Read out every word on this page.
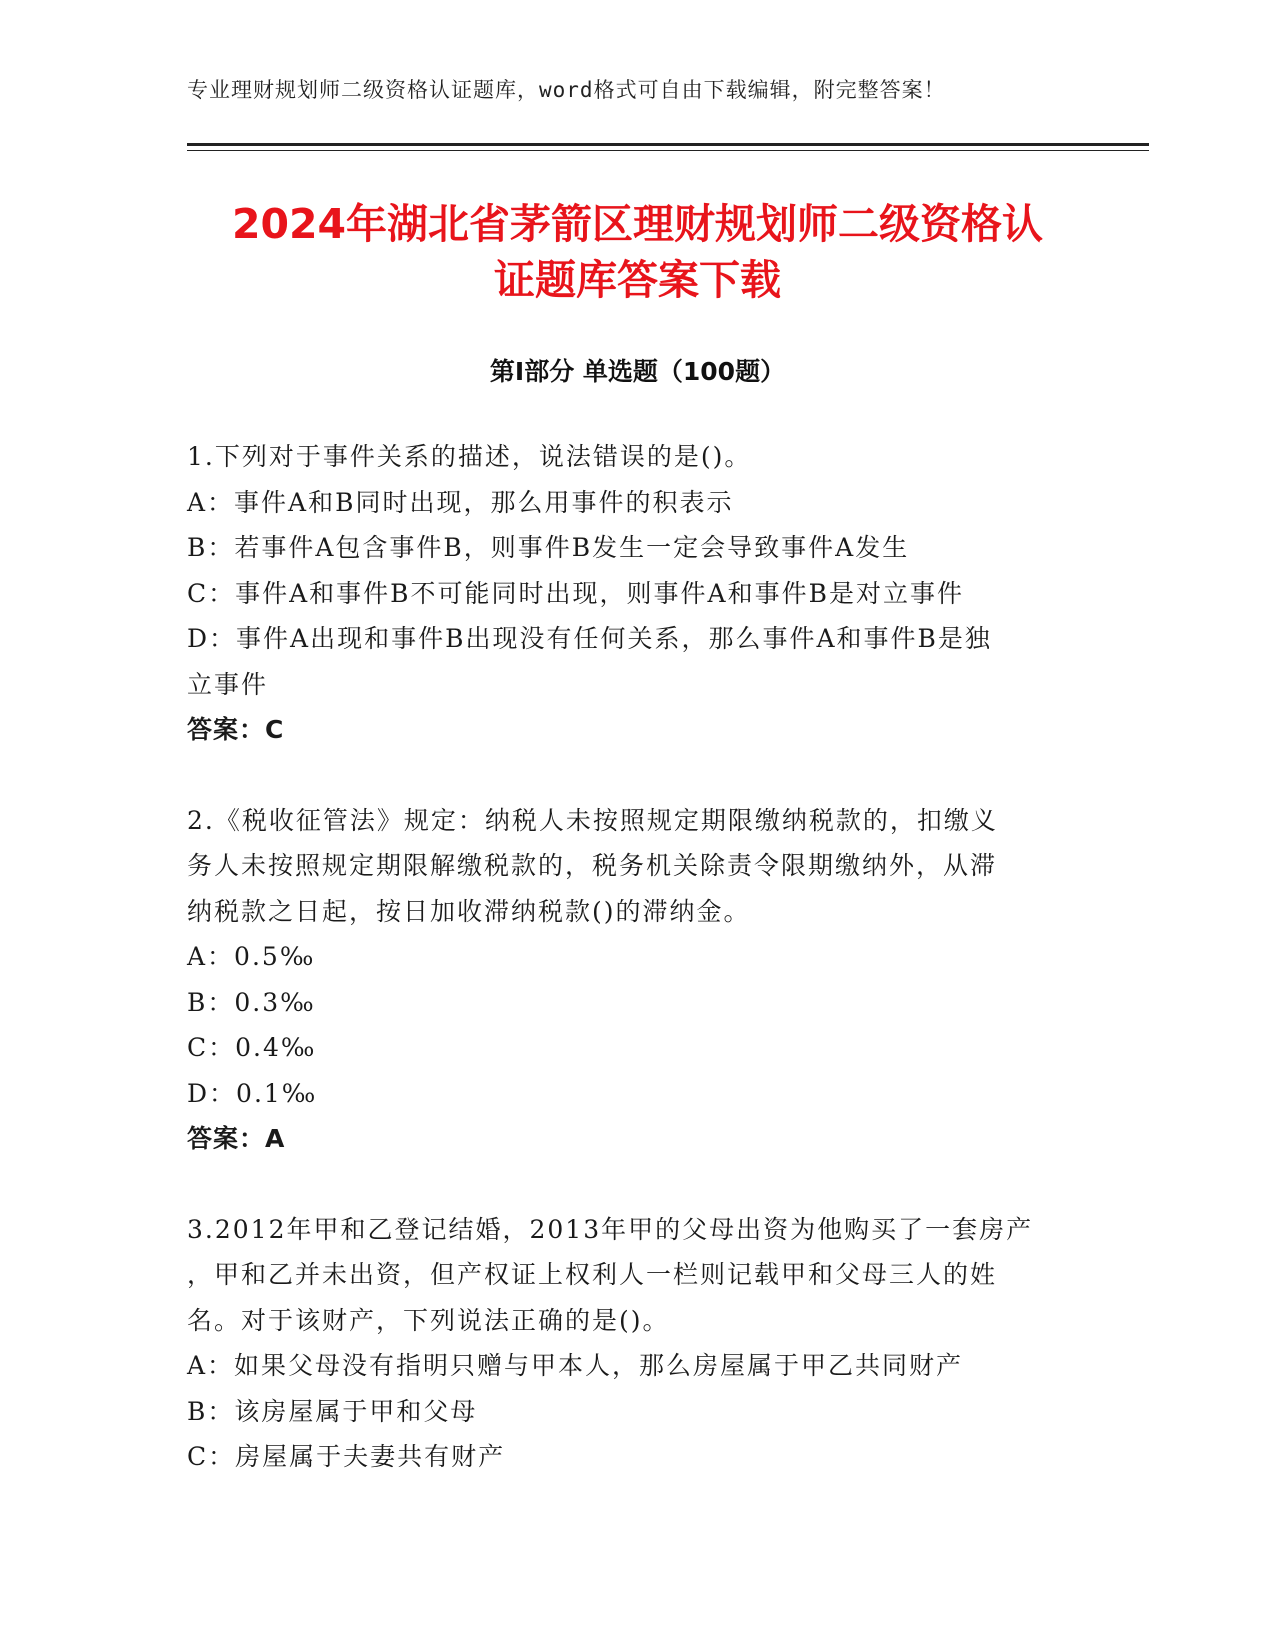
专业理财规划师二级资格认证题库，word格式可自由下载编辑，附完整答案！
2024年湖北省茅箭区理财规划师二级资格认
证题库答案下载
第Ⅰ部分 单选题（100题）

1.下列对于事件关系的描述，说法错误的是()。

A：事件A和B同时出现，那么用事件的积表示

B：若事件A包含事件B，则事件B发生一定会导致事件A发生

C：事件A和事件B不可能同时出现，则事件A和事件B是对立事件

D：事件A出现和事件B出现没有任何关系，那么事件A和事件B是独

立事件

答案：C

2.《税收征管法》规定：纳税人未按照规定期限缴纳税款的，扣缴义

务人未按照规定期限解缴税款的，税务机关除责令限期缴纳外，从滞

纳税款之日起，按日加收滞纳税款()的滞纳金。

A：0.5‰

B：0.3‰

C：0.4‰

D：0.1‰

答案：A

3.2012年甲和乙登记结婚，2013年甲的父母出资为他购买了一套房产

，甲和乙并未出资，但产权证上权利人一栏则记载甲和父母三人的姓

名。对于该财产，下列说法正确的是()。

A：如果父母没有指明只赠与甲本人，那么房屋属于甲乙共同财产

B：该房屋属于甲和父母

C：房屋属于夫妻共有财产
